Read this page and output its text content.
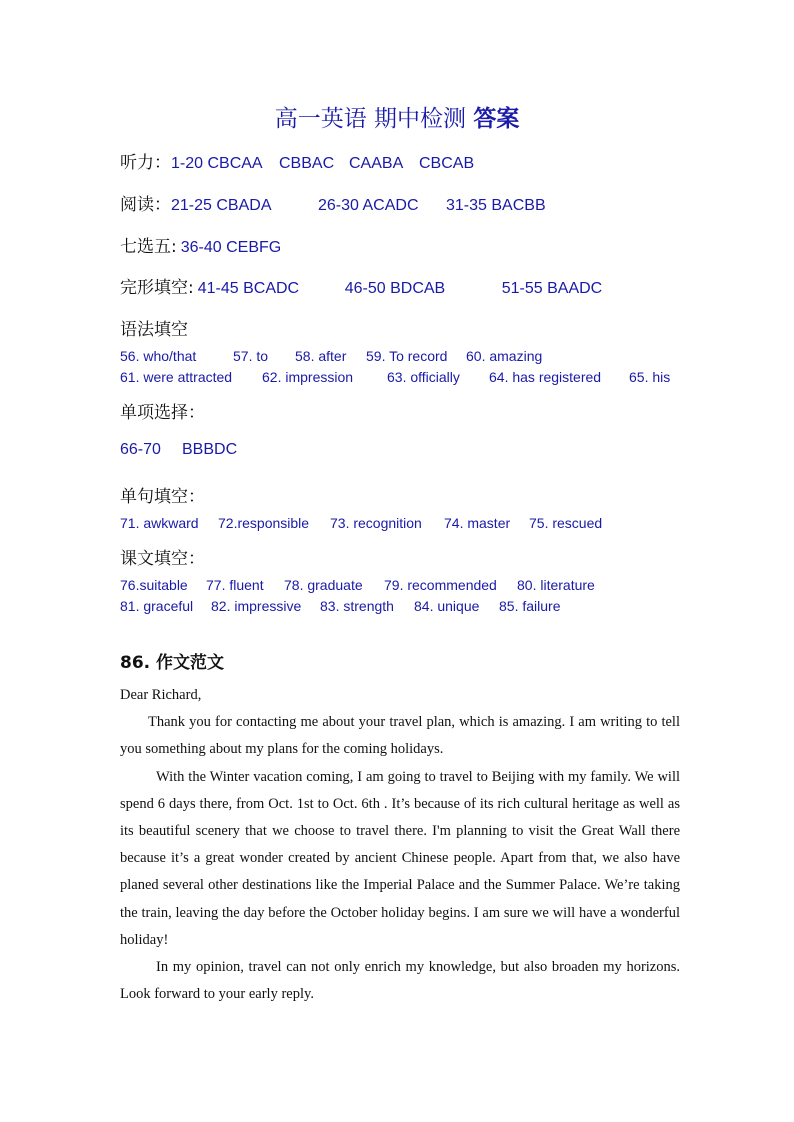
高一英语 期中检测 答案
听力：1-20 CBCAA CBBAC CAABA CBCAB
阅读：21-25 CBADA	26-30 ACADC 31-35 BACBB
七选五: 36-40 CEBFG
完形填空: 41-45 BCADC	46-50 BDCAB	51-55 BAADC
语法填空
56. who/that	57. to 58. after 59. To record 60. amazing
61. were attracted 62. impression 63. officially 64. has registered 65. his
单项选择：
66-70 BBBDC
单句填空：
71. awkward 72.responsible 73. recognition 74. master 75. rescued
课文填空：
76.suitable 77. fluent 78. graduate 79. recommended 80. literature
81. graceful 82. impressive 83. strength 84. unique 85. failure
86. 作文范文

Dear Richard,

Thank you for contacting me about your travel plan, which is amazing. I am writing to tell you something about my plans for the coming holidays.

With the Winter vacation coming, I am going to travel to Beijing with my family. We will spend 6 days there, from Oct. 1st to Oct. 6th . It’s because of its rich cultural heritage as well as its beautiful scenery that we choose to travel there. I'm planning to visit the Great Wall there because it’s a great wonder created by ancient Chinese people. Apart from that, we also have planed several other destinations like the Imperial Palace and the Summer Palace. We’re taking the train, leaving the day before the October holiday begins. I am sure we will have a wonderful holiday!

In my opinion, travel can not only enrich my knowledge, but also broaden my horizons. Look forward to your early reply.
